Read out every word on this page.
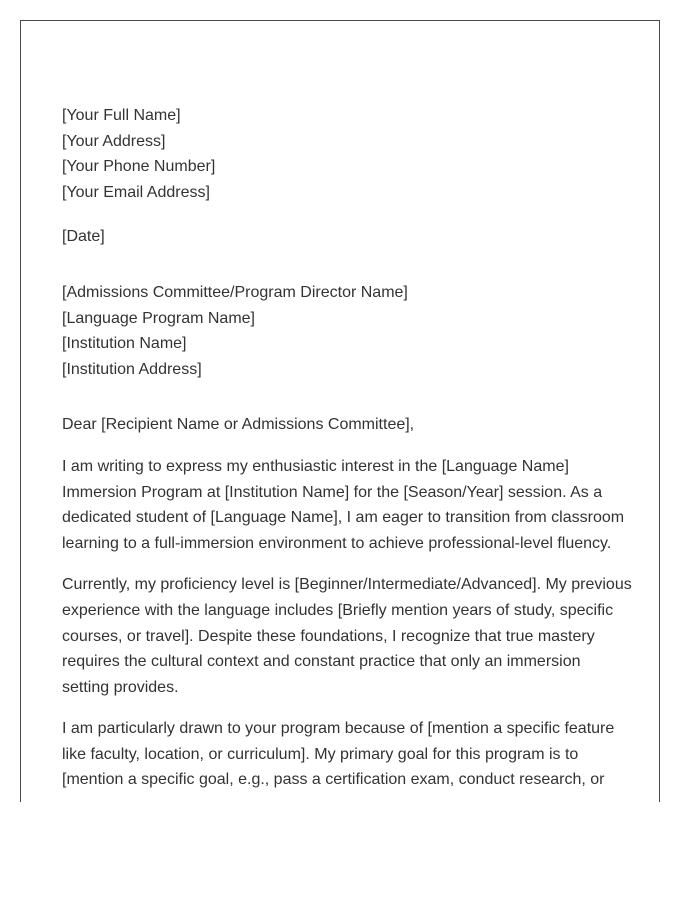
[Your Full Name]

[Your Address]

[Your Phone Number]

[Your Email Address]

[Date]

[Admissions Committee/Program Director Name]

[Language Program Name]

[Institution Name]

[Institution Address]

Dear [Recipient Name or Admissions Committee],

I am writing to express my enthusiastic interest in the [Language Name] Immersion Program at [Institution Name] for the [Season/Year] session. As a dedicated student of [Language Name], I am eager to transition from classroom learning to a full-immersion environment to achieve professional-level fluency.

Currently, my proficiency level is [Beginner/Intermediate/Advanced]. My previous experience with the language includes [Briefly mention years of study, specific courses, or travel]. Despite these foundations, I recognize that true mastery requires the cultural context and constant practice that only an immersion setting provides.

I am particularly drawn to your program because of [mention a specific feature like faculty, location, or curriculum]. My primary goal for this program is to [mention a specific goal, e.g., pass a certification exam, conduct research, or
